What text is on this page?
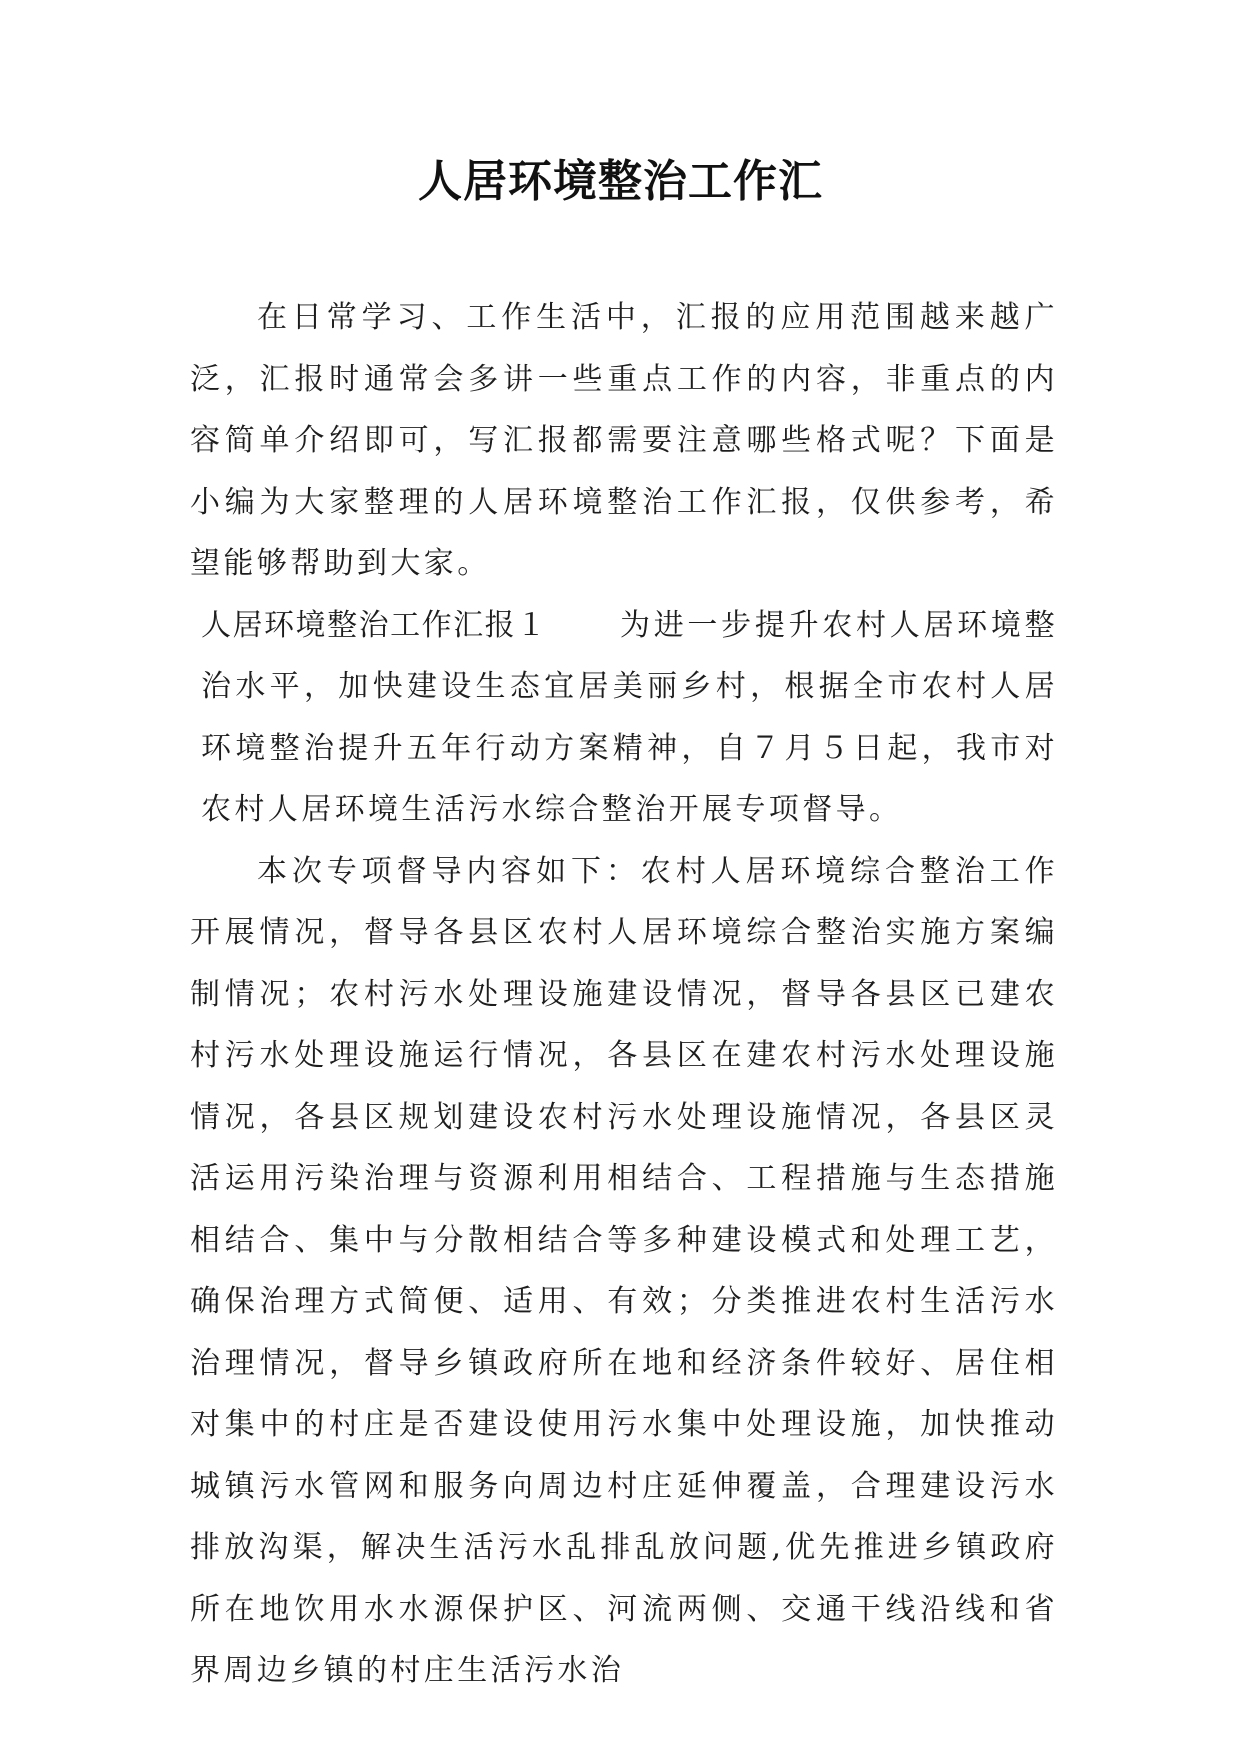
人居环境整治工作汇

在日常学习、工作生活中，汇报的应用范围越来越广泛，汇报时通常会多讲一些重点工作的内容，非重点的内容简单介绍即可，写汇报都需要注意哪些格式呢？下面是小编为大家整理的人居环境整治工作汇报，仅供参考，希望能够帮助到大家。

人居环境整治工作汇报１ 为进一步提升农村人居环境整治水平，加快建设生态宜居美丽乡村，根据全市农村人居环境整治提升五年行动方案精神，自７月５日起，我市对农村人居环境生活污水综合整治开展专项督导。

本次专项督导内容如下：农村人居环境综合整治工作开展情况，督导各县区农村人居环境综合整治实施方案编制情况；农村污水处理设施建设情况，督导各县区已建农村污水处理设施运行情况，各县区在建农村污水处理设施情况，各县区规划建设农村污水处理设施情况，各县区灵活运用污染治理与资源利用相结合、工程措施与生态措施相结合、集中与分散相结合等多种建设模式和处理工艺，确保治理方式简便、适用、有效；分类推进农村生活污水治理情况，督导乡镇政府所在地和经济条件较好、居住相对集中的村庄是否建设使用污水集中处理设施，加快推动城镇污水管网和服务向周边村庄延伸覆盖，合理建设污水排放沟渠，解决生活污水乱排乱放问题,优先推进乡镇政府所在地饮用水水源保护区、河流两侧、交通干线沿线和省界周边乡镇的村庄生活污水治
